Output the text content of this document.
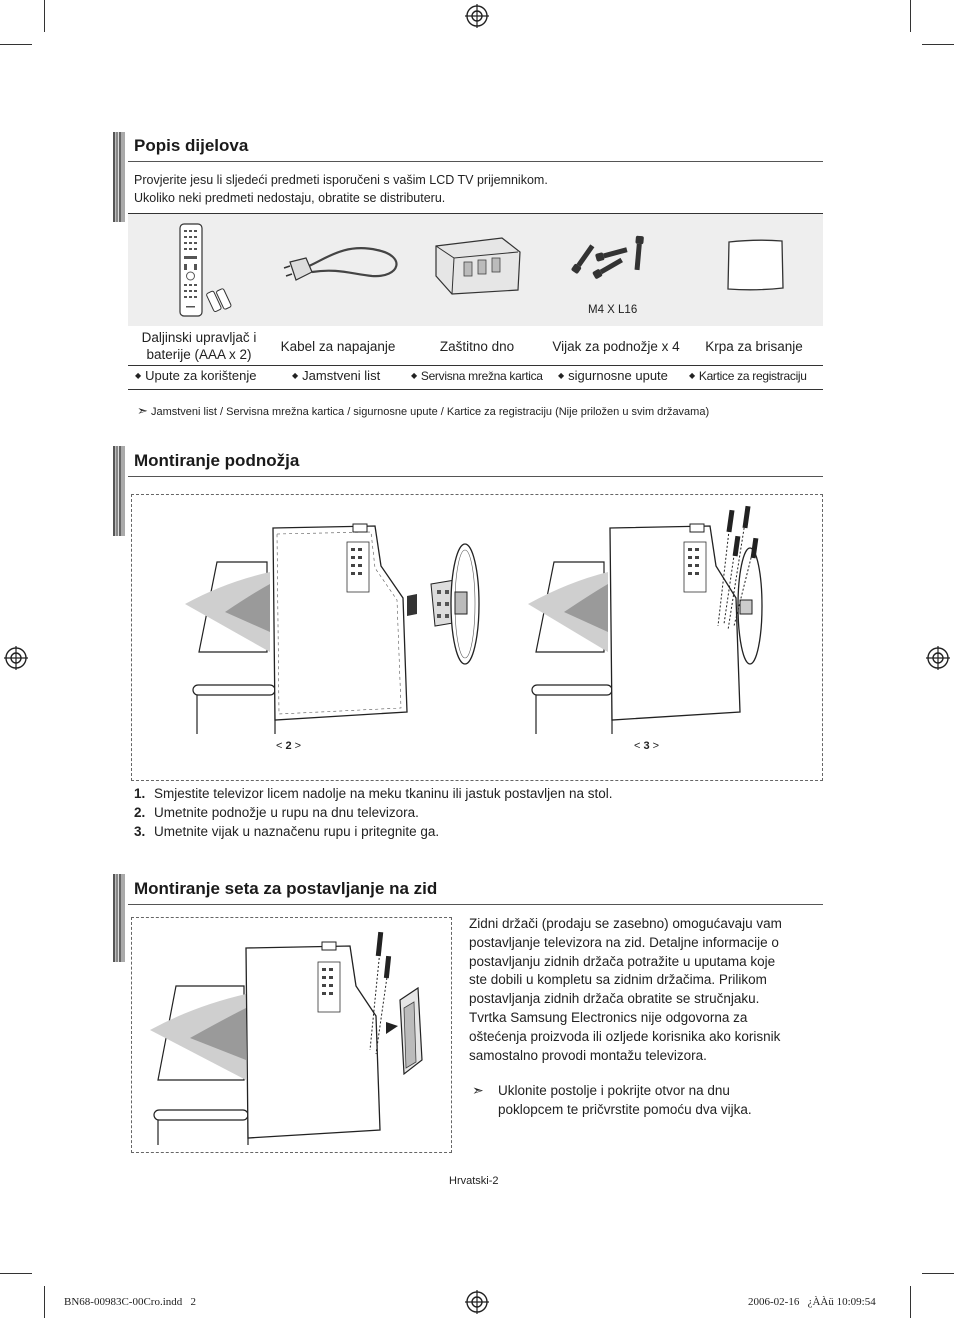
Popis dijelova
Provjerite jesu li sljedeći predmeti isporučeni s vašim LCD TV prijemnikom.
Ukoliko neki predmeti nedostaju, obratite se distributeru.
M4 X L16
Daljinski upravljač i
baterije (AAA x 2)
Kabel za napajanje	Zaštitno dno	Vijak za podnožje x 4	Krpa za brisanje
◆ Upute za korištenje	◆ Jamstveni list	◆ Servisna mrežna kartica ◆ sigurnosne upute	◆ Kartice za registraciju
➣ Jamstveni list / Servisna mrežna kartica / sigurnosne upute / Kartice za registraciju (Nije priložen u svim državama)
Montiranje podnožja
< 2 >	< 3 >
1. Smjestite televizor licem nadolje na meku tkaninu ili jastuk postavljen na stol.
2. Umetnite podnožje u rupu na dnu televizora.
3. Umetnite vijak u naznačenu rupu i pritegnite ga.
Montiranje seta za postavljanje na zid
Zidni držači (prodaju se zasebno) omogućavaju vam
postavljanje televizora na zid. Detaljne informacije o
postavljanju zidnih držača potražite u uputama koje
ste dobili u kompletu sa zidnim držačima. Prilikom
postavljanja zidnih držača obratite se stručnjaku.
Tvrtka Samsung Electronics nije odgovorna za
oštećenja proizvoda ili ozljede korisnika ako korisnik
samostalno provodi montažu televizora.
➣ Uklonite postolje i pokrijte otvor na dnu
poklopcem te pričvrstite pomoću dva vijka.
Hrvatski-2
BN68-00983C-00Cro.indd   2	2006-02-16   ¿ÀÀü 10:09:54
